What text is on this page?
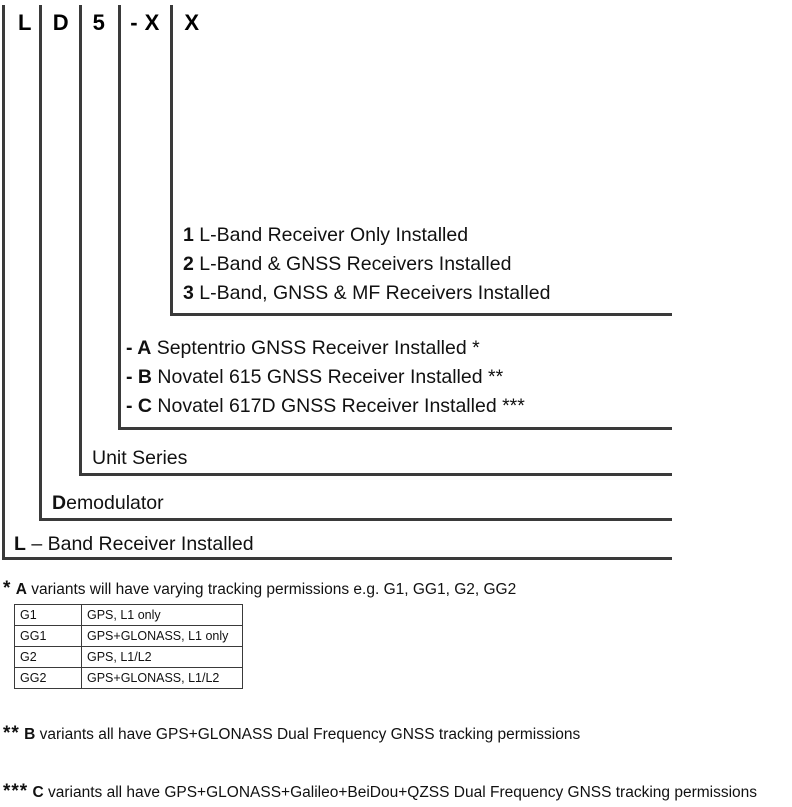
L D	5	- X	X
1 L-Band Receiver Only Installed
2 L-Band & GNSS Receivers Installed
3 L-Band, GNSS & MF Receivers Installed
- A Septentrio GNSS Receiver Installed *
- B Novatel 615 GNSS Receiver Installed **
- C Novatel 617D GNSS Receiver Installed ***
Unit Series
Demodulator
L – Band Receiver Installed
* A variants will have varying tracking permissions e.g. G1, GG1, G2, GG2
G1	GPS, L1 only
GG1	GPS+GLONASS, L1 only
G2	GPS, L1/L2
GG2	GPS+GLONASS, L1/L2
** B variants all have GPS+GLONASS Dual Frequency GNSS tracking permissions
*** C variants all have GPS+GLONASS+Galileo+BeiDou+QZSS Dual Frequency GNSS tracking permissions
